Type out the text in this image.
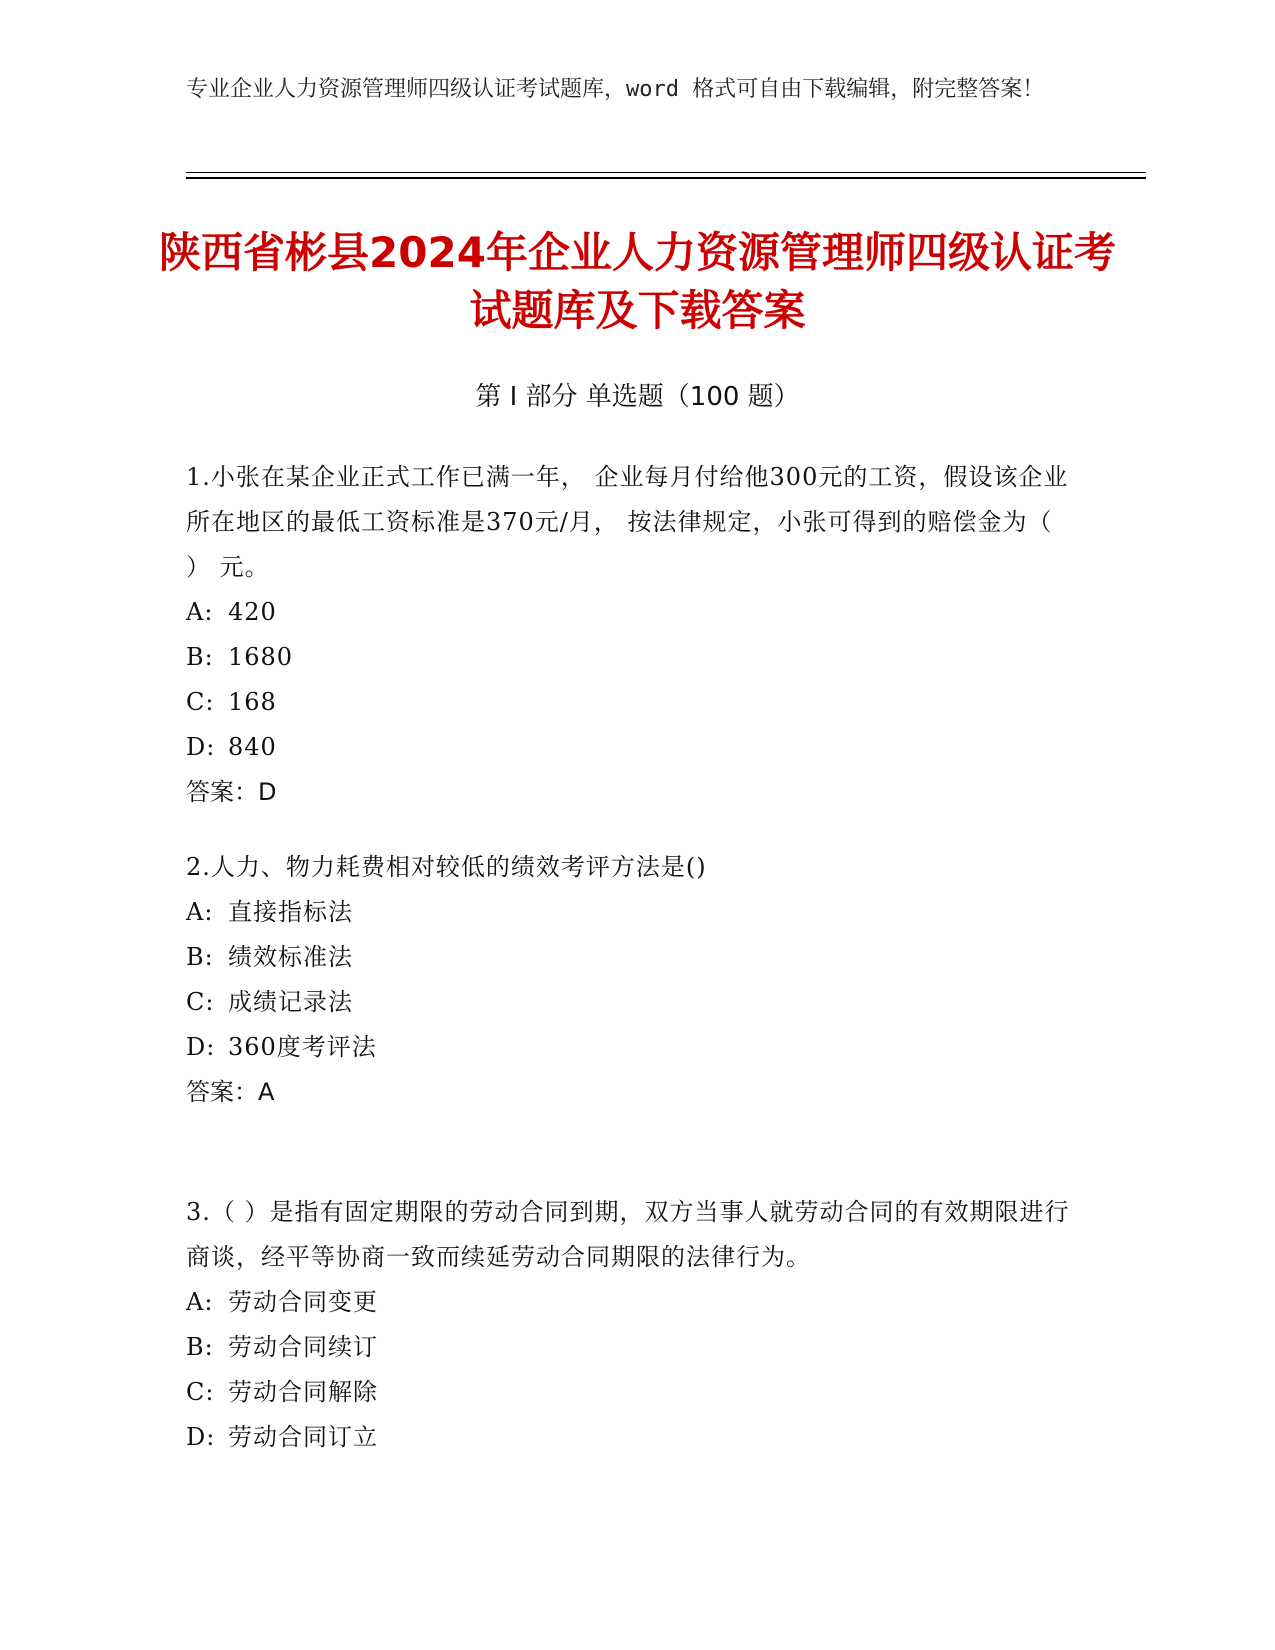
专业企业人力资源管理师四级认证考试题库，word 格式可自由下载编辑，附完整答案！
陕西省彬县2024年企业人力资源管理师四级认证考试题库及下载答案
第 I 部分 单选题（100 题）

1.小张在某企业正式工作已满一年， 企业每月付给他300元的工资，假设该企业所在地区的最低工资标准是370元/月， 按法律规定，小张可得到的赔偿金为（ ） 元。

A: 420

B: 1680

C: 168

D: 840

答案：D

2.人力、物力耗费相对较低的绩效考评方法是()

A: 直接指标法

B: 绩效标准法

C: 成绩记录法

D: 360度考评法

答案：A

3.（ ）是指有固定期限的劳动合同到期，双方当事人就劳动合同的有效期限进行商谈，经平等协商一致而续延劳动合同期限的法律行为。

A: 劳动合同变更

B: 劳动合同续订

C: 劳动合同解除

D: 劳动合同订立
